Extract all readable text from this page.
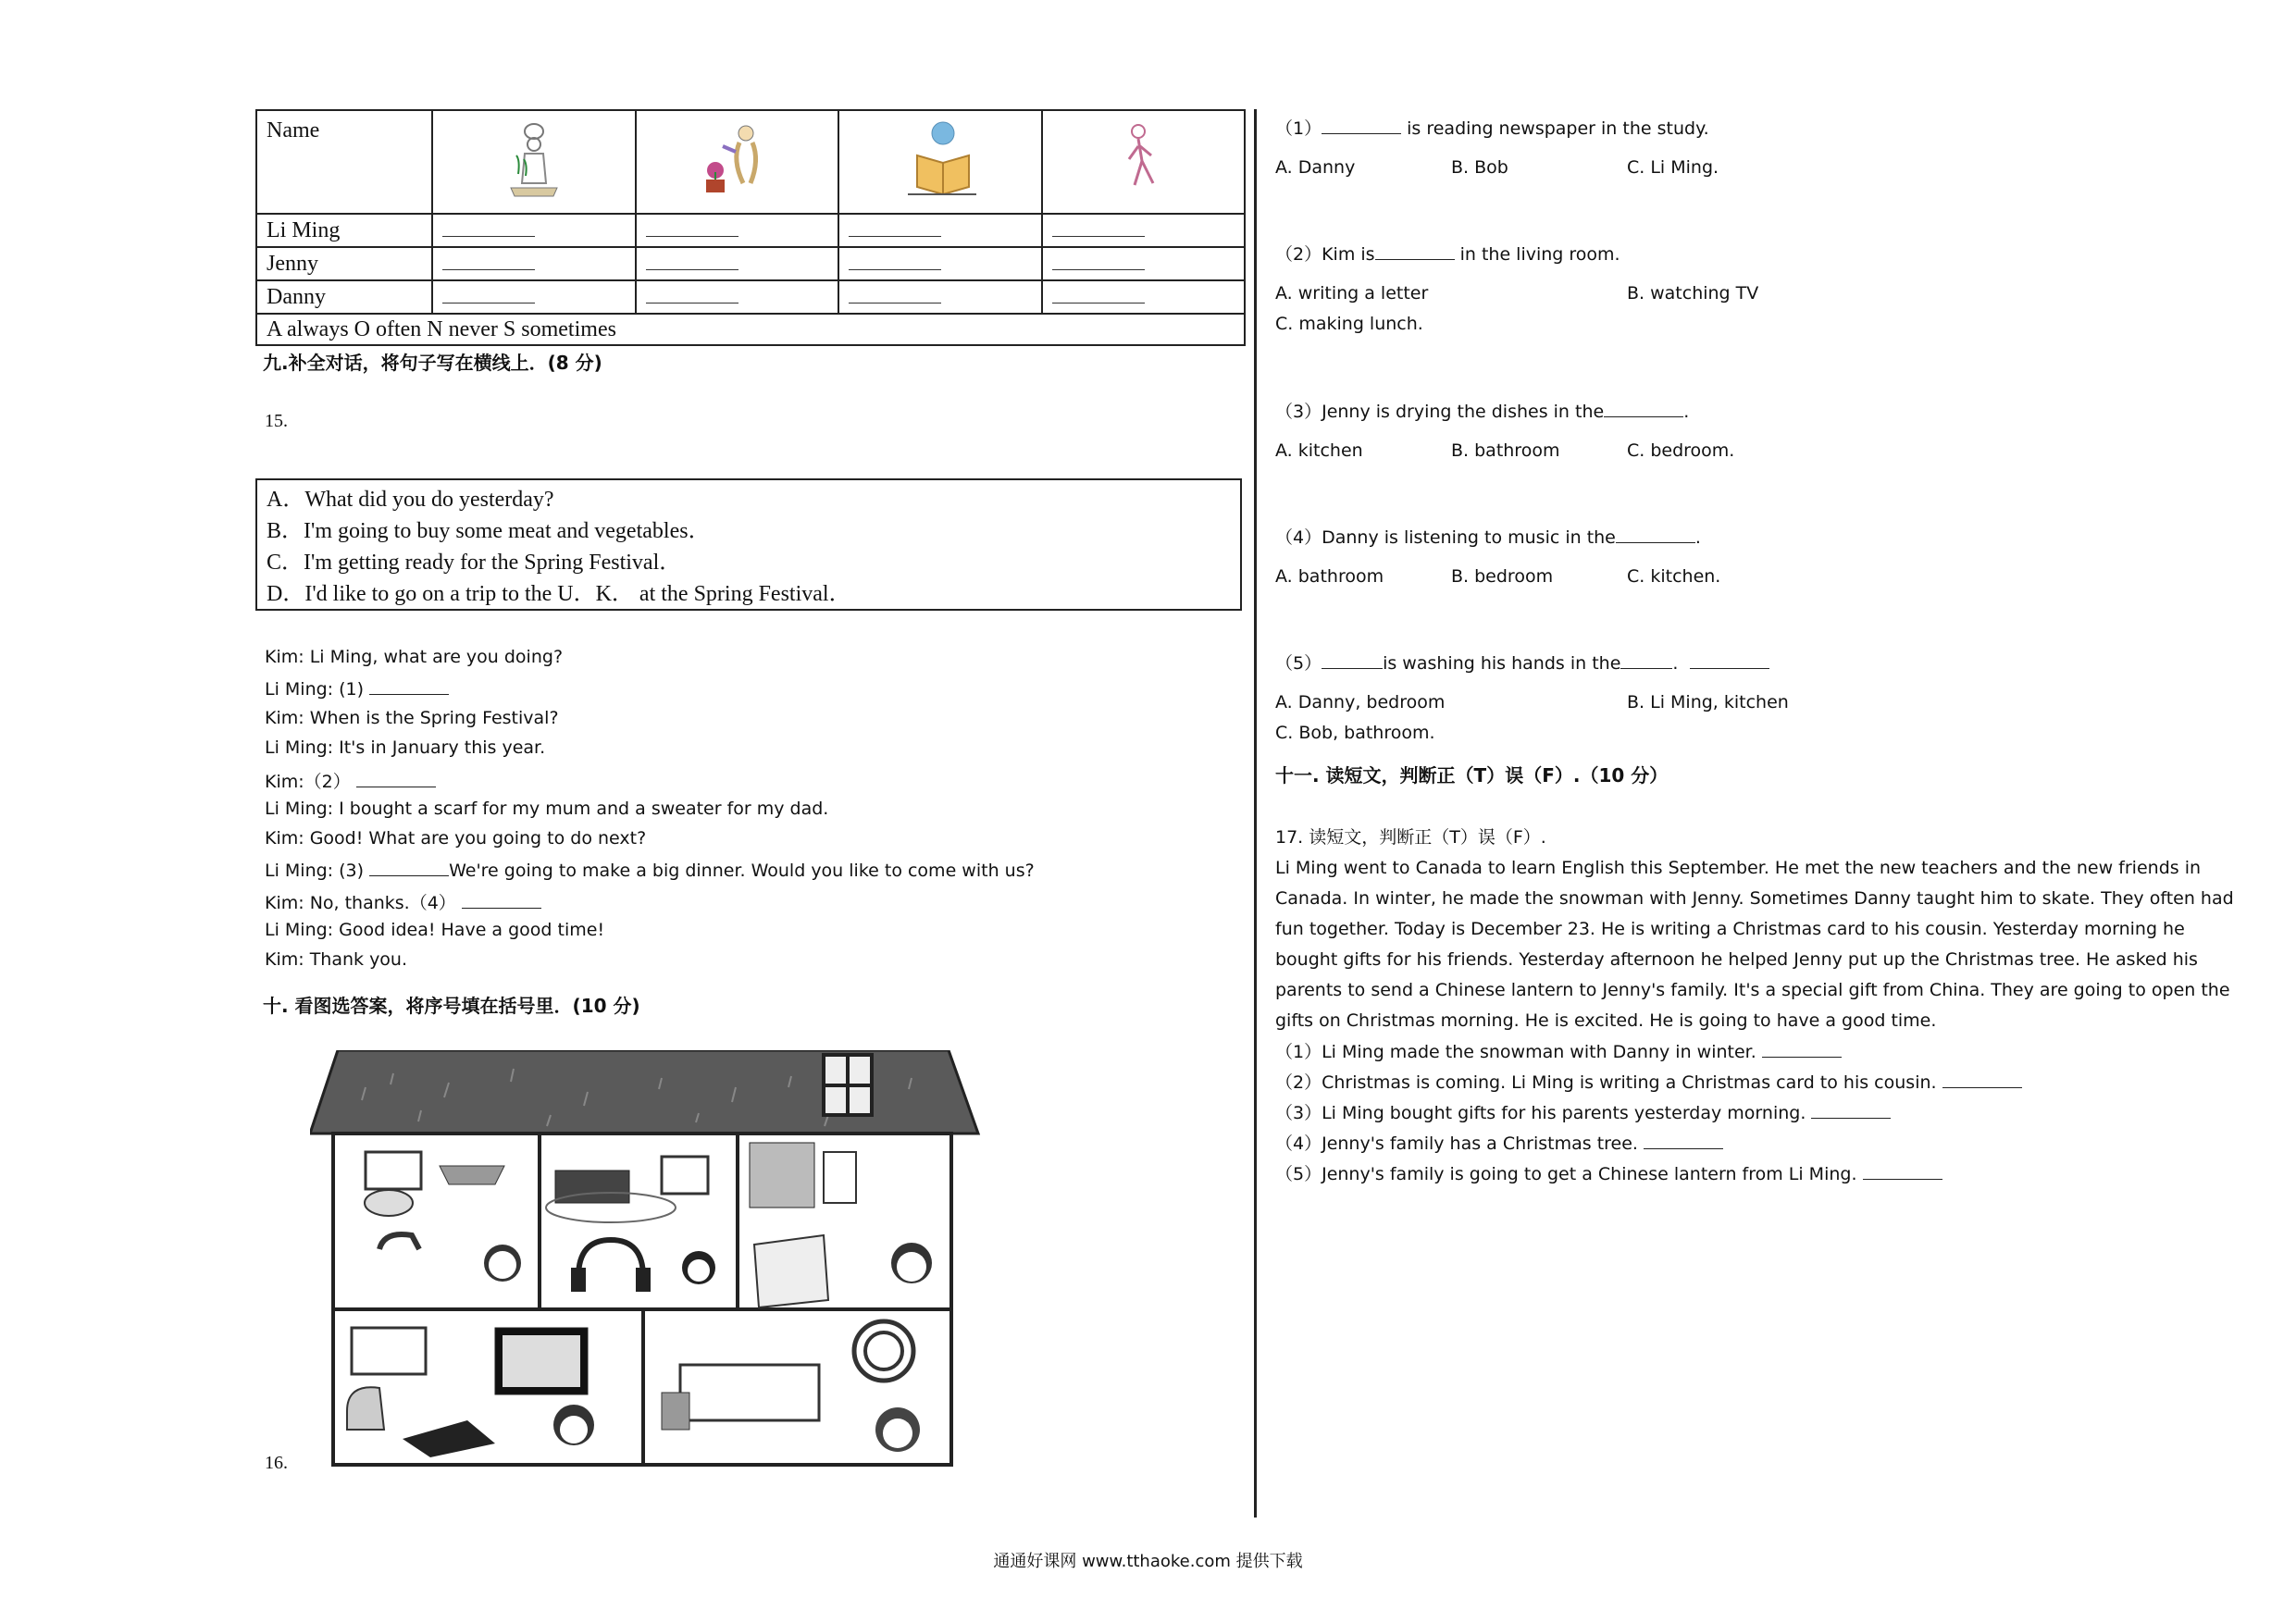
Name				
Li Ming				
Jenny				
Danny				
A always O often N never S sometimes				
九.补全对话，将句子写在横线上．(8 分)
15.
A．What did you do yesterday?
B．I'm going to buy some meat and vegetables．
C．I'm getting ready for the Spring Festival．
D．I'd like to go on a trip to the U．K． at the Spring Festival．
Kim: Li Ming, what are you doing?
Li Ming: (1)
Kim: When is the Spring Festival?
Li Ming: It's in January this year.
Kim:（2）
Li Ming: I bought a scarf for my mum and a sweater for my dad.
Kim: Good! What are you going to do next?
Li Ming: (3)	We're going to make a big dinner. Would you like to come with us?
Kim: No, thanks.（4）
Li Ming: Good idea! Have a good time!
Kim: Thank you.
十. 看图选答案，将序号填在括号里．(10 分)
16.
（1）	is reading newspaper in the study.
A. Danny	B. Bob	C. Li Ming.
（2）Kim is	in the living room.
A. writing a letter	B. watching TV
C. making lunch.
（3）Jenny is drying the dishes in the	.
A. kitchen	B. bathroom	C. bedroom.
（4）Danny is listening to music in the	.
A. bathroom	B. bedroom	C. kitchen.
（5）	is washing his hands in the	.
A. Danny, bedroom	B. Li Ming, kitchen
C. Bob, bathroom.
十一. 读短文，判断正（T）误（F）.（10 分）
17. 读短文，判断正（T）误（F）.
Li Ming went to Canada to learn English this September. He met the new teachers and the new friends in Canada. In winter, he made the snowman with Jenny. Sometimes Danny taught him to skate. They often had fun together. Today is December 23. He is writing a Christmas card to his cousin. Yesterday morning he bought gifts for his friends. Yesterday afternoon he helped Jenny put up the Christmas tree. He asked his parents to send a Chinese lantern to Jenny's family. It's a special gift from China. They are going to open the gifts on Christmas morning. He is excited. He is going to have a good time.
（1）Li Ming made the snowman with Danny in winter.
（2）Christmas is coming. Li Ming is writing a Christmas card to his cousin.
（3）Li Ming bought gifts for his parents yesterday morning.
（4）Jenny's family has a Christmas tree.
（5）Jenny's family is going to get a Chinese lantern from Li Ming.
通通好课网 www.tthaoke.com 提供下载
